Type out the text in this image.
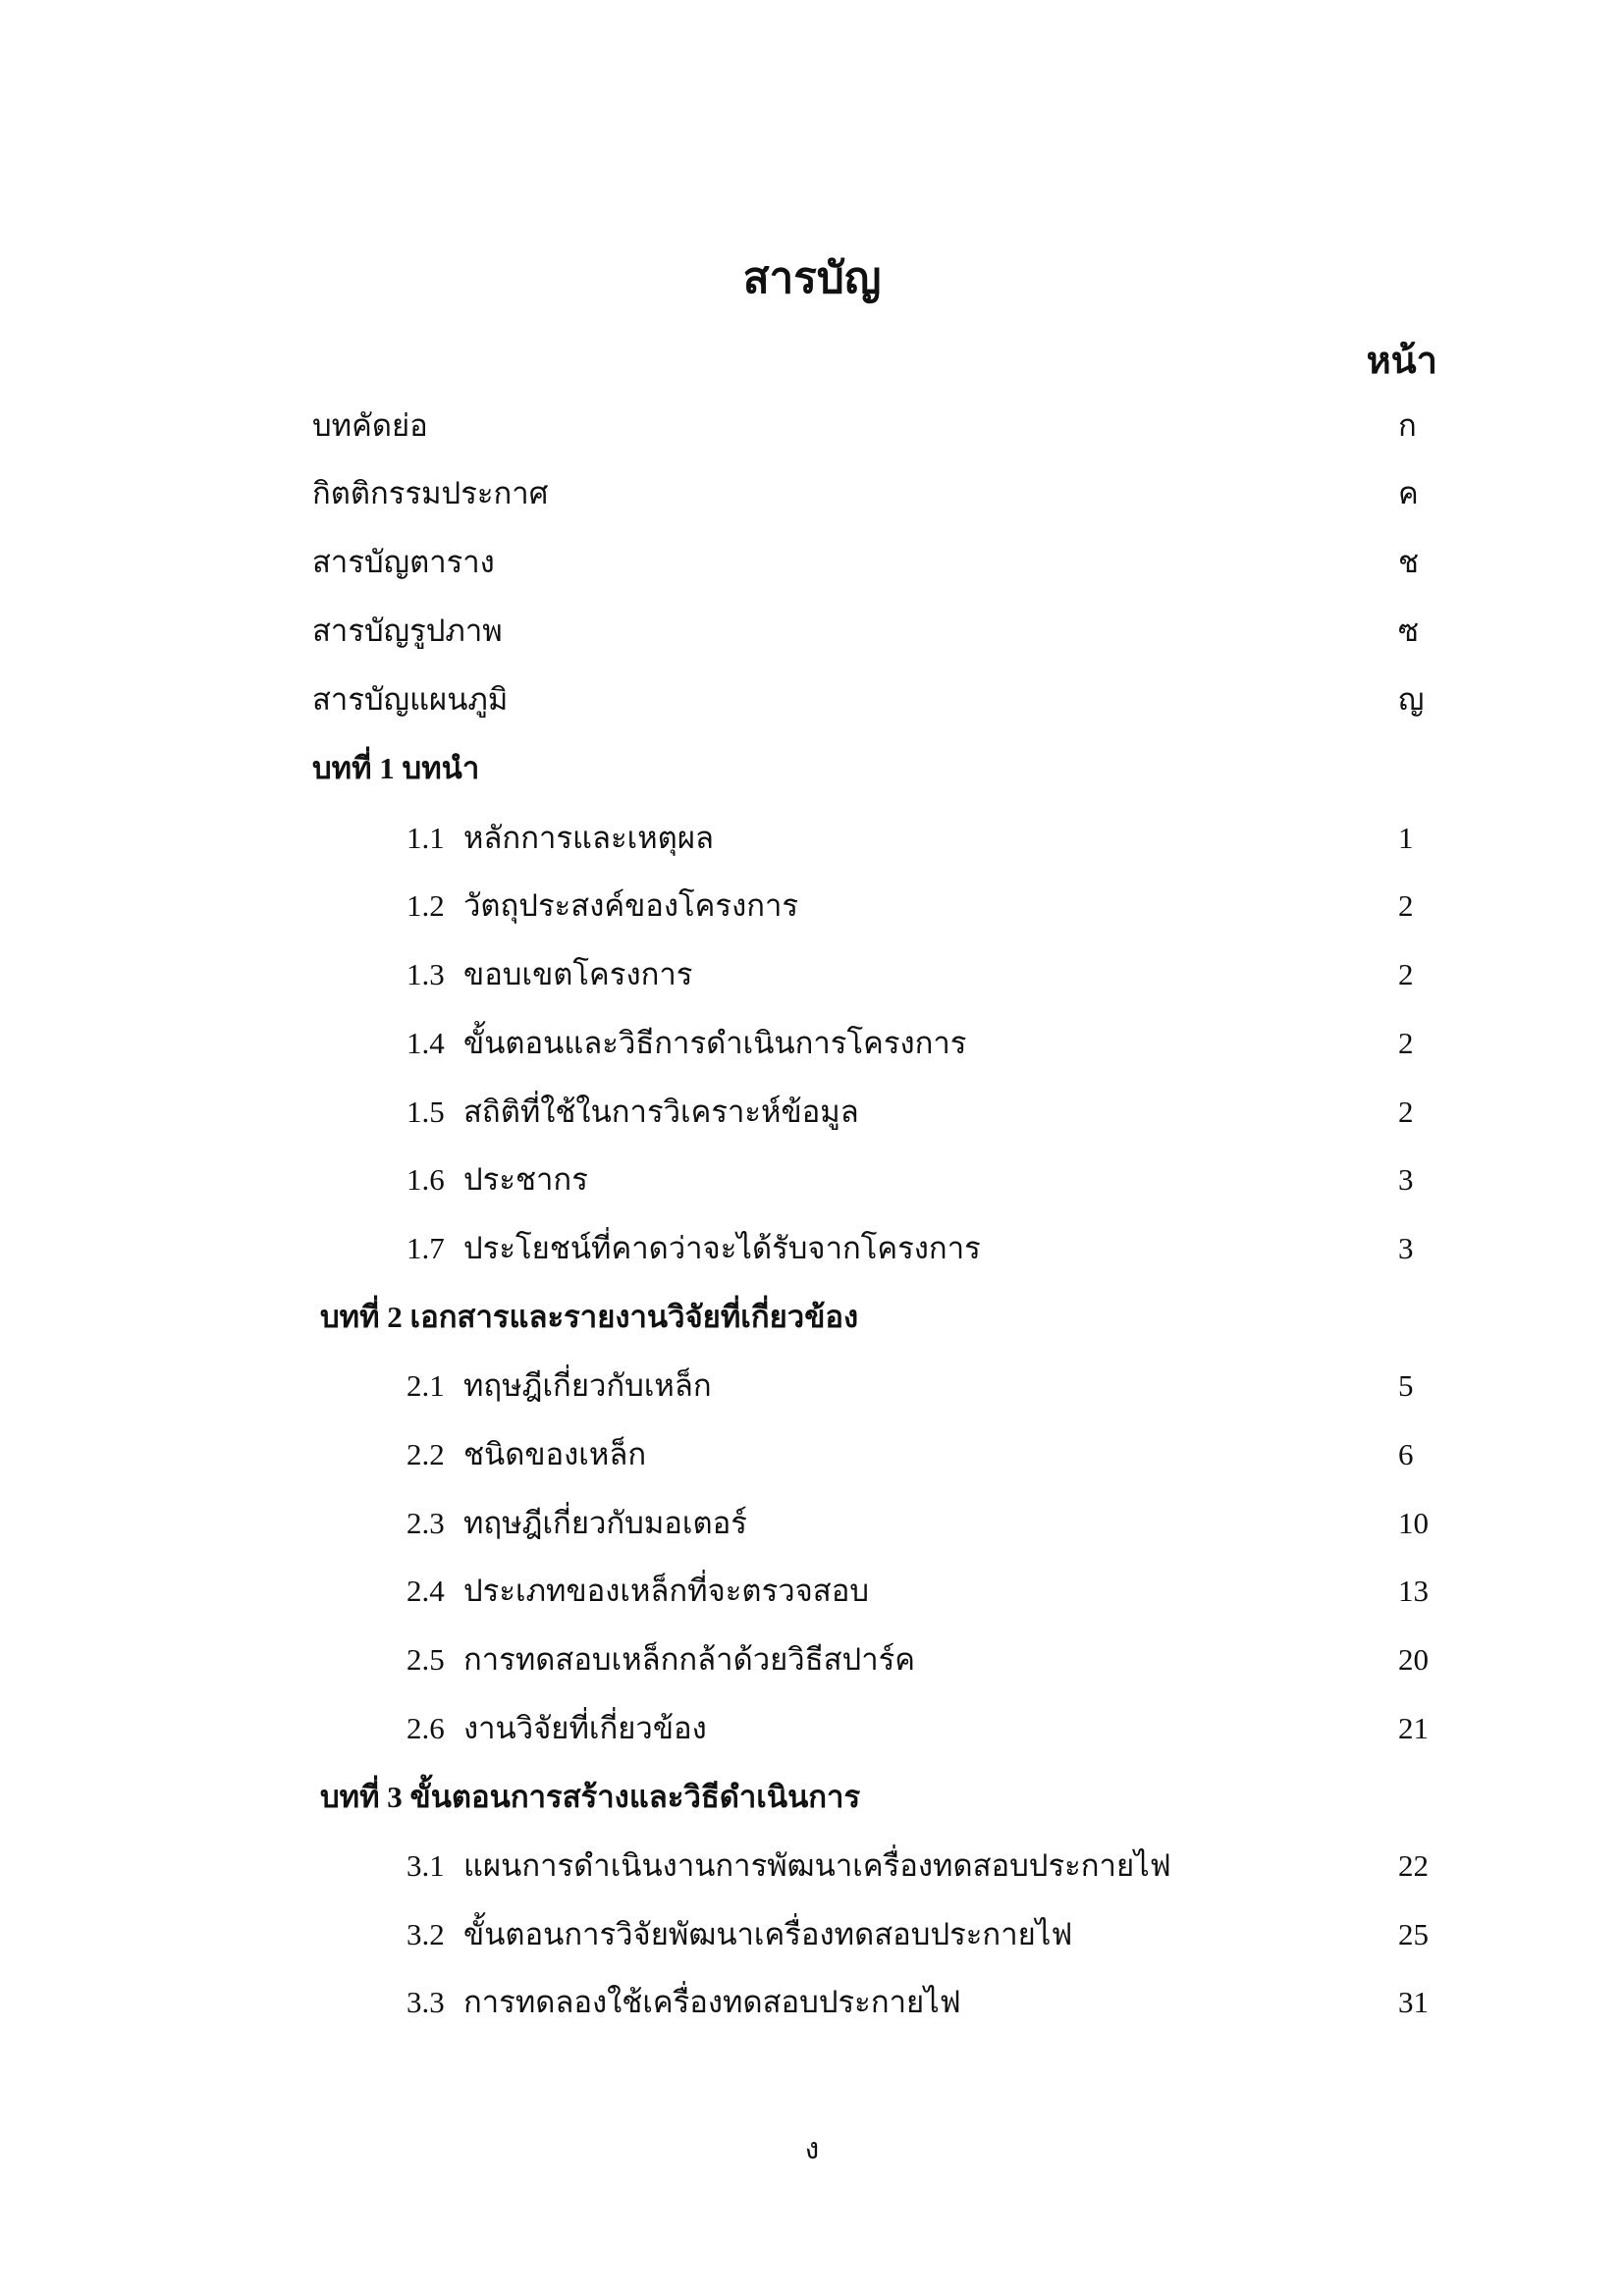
สารบัญ
หน้า
บทคัดย่อ	ก
กิตติกรรมประกาศ	ค
สารบัญตาราง	ช
สารบัญรูปภาพ	ซ
สารบัญแผนภูมิ	ญ
บทที่ 1 บทนำ
1.1 หลักการและเหตุผล	1
1.2 วัตถุประสงค์ของโครงการ	2
1.3 ขอบเขตโครงการ	2
1.4 ขั้นตอนและวิธีการดำเนินการโครงการ	2
1.5 สถิติที่ใช้ในการวิเคราะห์ข้อมูล	2
1.6 ประชากร	3
1.7 ประโยชน์ที่คาดว่าจะได้รับจากโครงการ	3
บทที่ 2 เอกสารและรายงานวิจัยที่เกี่ยวข้อง
2.1 ทฤษฎีเกี่ยวกับเหล็ก	5
2.2 ชนิดของเหล็ก	6
2.3 ทฤษฎีเกี่ยวกับมอเตอร์	10
2.4 ประเภทของเหล็กที่จะตรวจสอบ	13
2.5 การทดสอบเหล็กกล้าด้วยวิธีสปาร์ค	20
2.6 งานวิจัยที่เกี่ยวข้อง	21
บทที่ 3 ขั้นตอนการสร้างและวิธีดำเนินการ
3.1 แผนการดำเนินงานการพัฒนาเครื่องทดสอบประกายไฟ	22
3.2 ขั้นตอนการวิจัยพัฒนาเครื่องทดสอบประกายไฟ	25
3.3 การทดลองใช้เครื่องทดสอบประกายไฟ	31
ง
